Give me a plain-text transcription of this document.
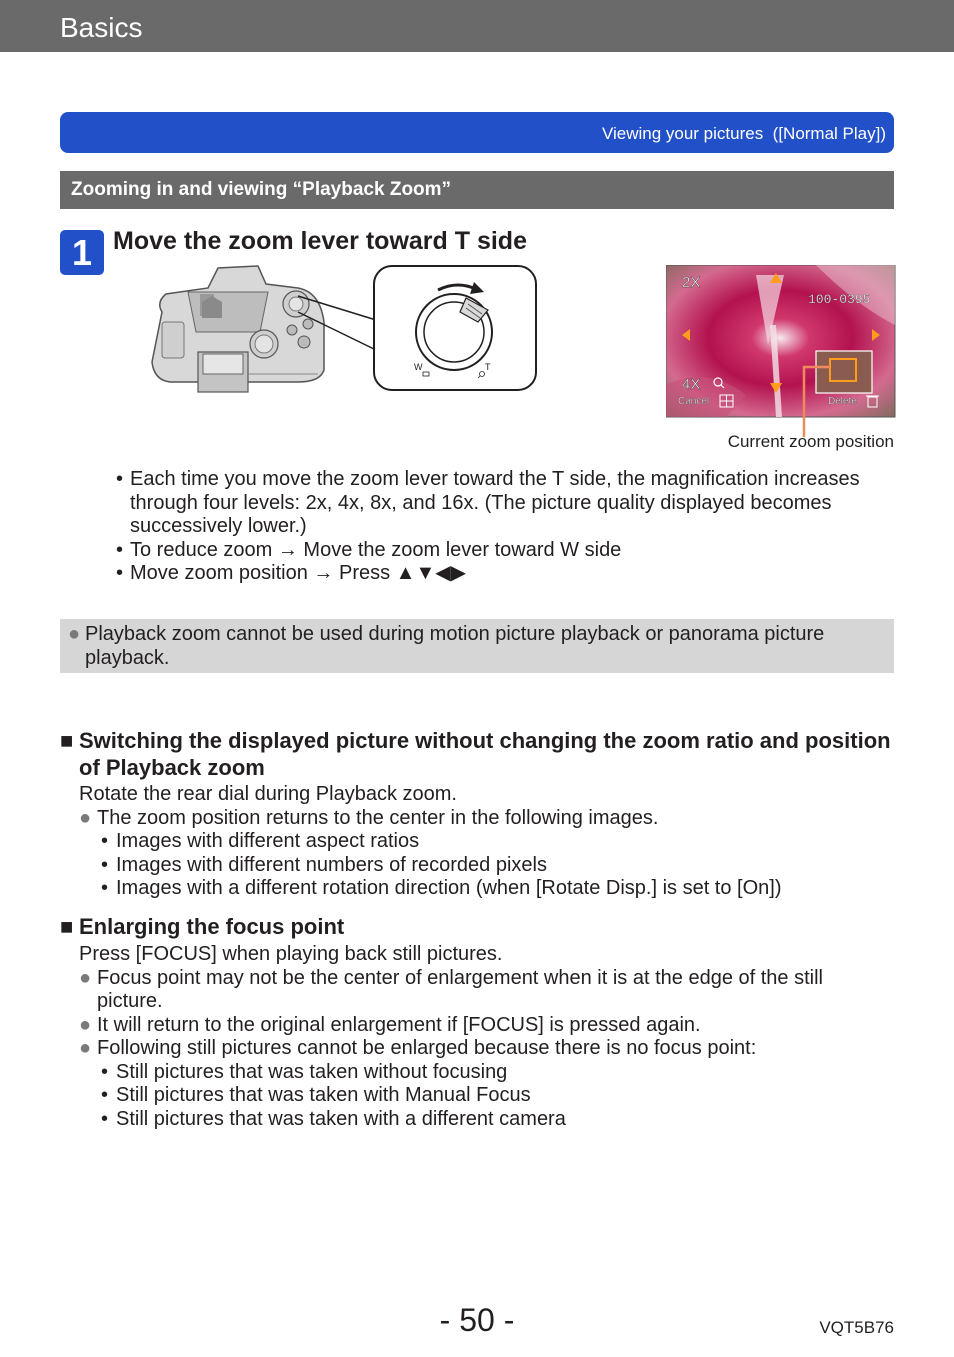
Basics
Viewing your pictures  ([Normal Play])
Zooming in and viewing “Playback Zoom”
1 Move the zoom lever toward T side
W	T
2X
100-0395
4X
Cancel	Delete
Current zoom position
• Each time you move the zoom lever toward the T side, the magnification increases through four levels: 2x, 4x, 8x, and 16x. (The picture quality displayed becomes successively lower.)
• To reduce zoom → Move the zoom lever toward W side
• Move zoom position → Press ▲▼◀▶
● Playback zoom cannot be used during motion picture playback or panorama picture playback.
■ Switching the displayed picture without changing the zoom ratio and position of Playback zoom
Rotate the rear dial during Playback zoom.
● The zoom position returns to the center in the following images.
• Images with different aspect ratios
• Images with different numbers of recorded pixels
• Images with a different rotation direction (when [Rotate Disp.] is set to [On])
■ Enlarging the focus point
Press [FOCUS] when playing back still pictures.
● Focus point may not be the center of enlargement when it is at the edge of the still picture.
● It will return to the original enlargement if [FOCUS] is pressed again.
● Following still pictures cannot be enlarged because there is no focus point:
• Still pictures that was taken without focusing
• Still pictures that was taken with Manual Focus
• Still pictures that was taken with a different camera
- 50 -	VQT5B76
